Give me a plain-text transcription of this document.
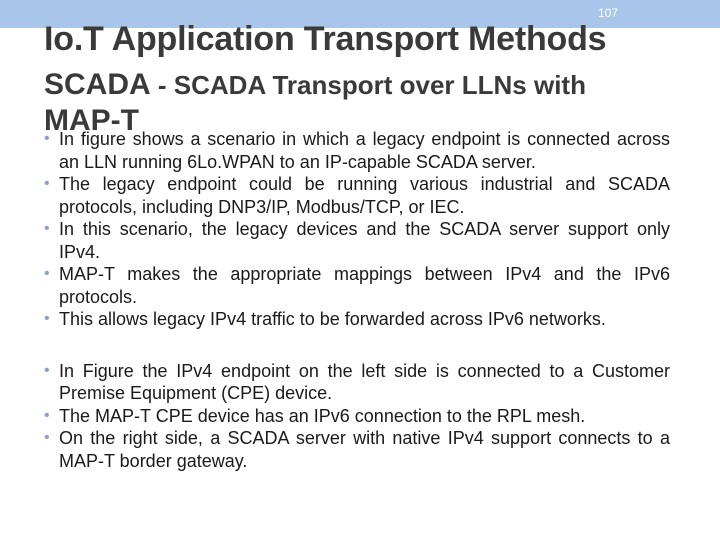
107
Io.T Application Transport Methods
SCADA - SCADA Transport over LLNs with
MAP-T

• In figure shows a scenario in which a legacy endpoint is connected across an LLN running 6Lo.WPAN to an IP-capable SCADA server.

• The legacy endpoint could be running various industrial and SCADA protocols, including DNP3/IP, Modbus/TCP, or IEC.

• In this scenario, the legacy devices and the SCADA server support only IPv4.

• MAP-T makes the appropriate mappings between IPv4 and the IPv6 protocols.

• This allows legacy IPv4 traffic to be forwarded across IPv6 networks.

• In Figure the IPv4 endpoint on the left side is connected to a Customer Premise Equipment (CPE) device.

• The MAP-T CPE device has an IPv6 connection to the RPL mesh.

• On the right side, a SCADA server with native IPv4 support connects to a MAP-T border gateway.
